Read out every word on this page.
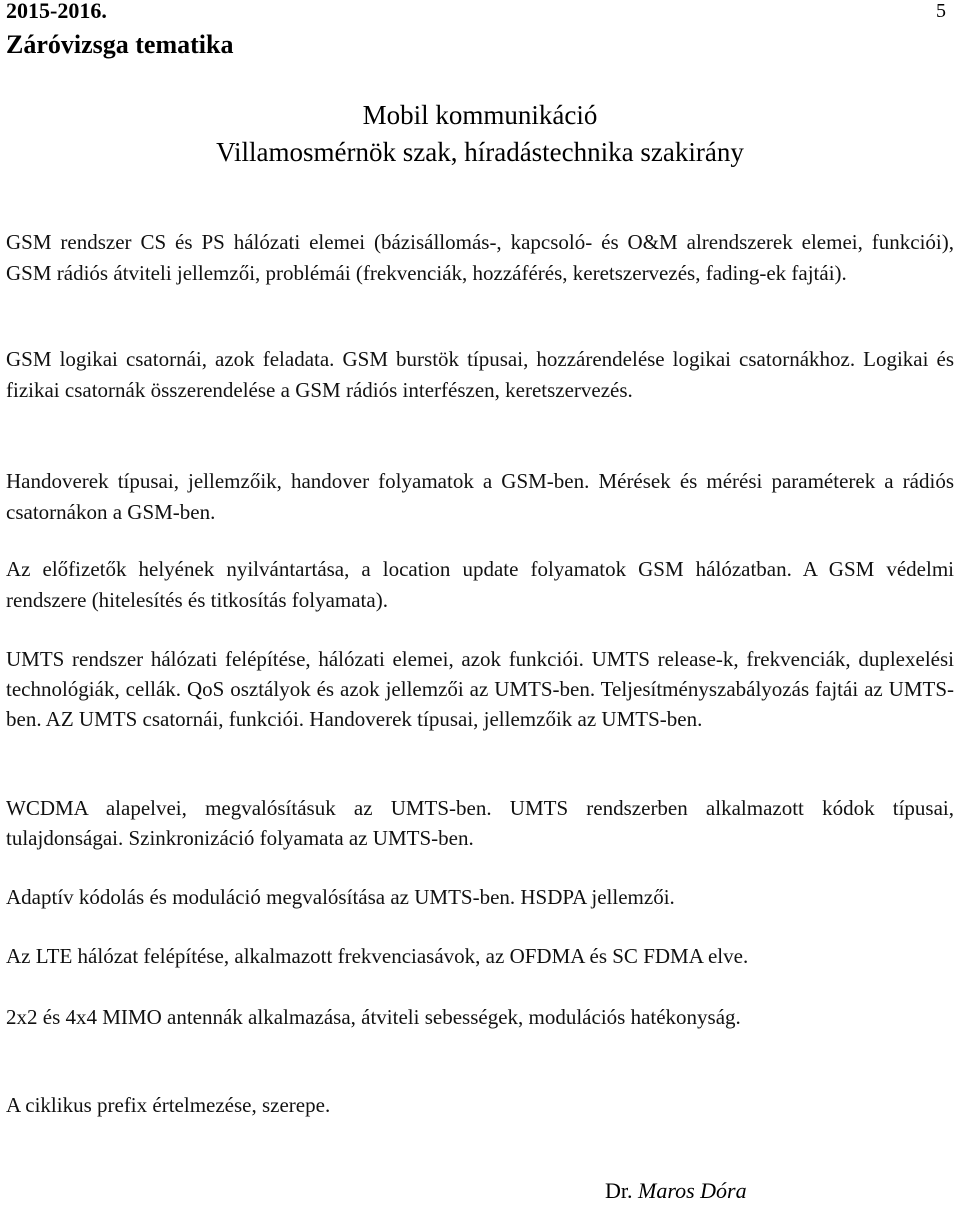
2015-2016.	5
Záróvizsga tematika
Mobil kommunikáció
Villamosmérnök szak, híradástechnika szakirány

GSM rendszer CS és PS hálózati elemei (bázisállomás-, kapcsoló- és O&M alrendszerek elemei, funkciói), GSM rádiós átviteli jellemzői, problémái (frekvenciák, hozzáférés, keretszervezés, fading-ek fajtái).

GSM logikai csatornái, azok feladata. GSM burstök típusai, hozzárendelése logikai csatornákhoz. Logikai és fizikai csatornák összerendelése a GSM rádiós interfészen, keretszervezés.

Handoverek típusai, jellemzőik, handover folyamatok a GSM-ben. Mérések és mérési paraméterek a rádiós csatornákon a GSM-ben.

Az előfizetők helyének nyilvántartása, a location update folyamatok GSM hálózatban. A GSM védelmi rendszere (hitelesítés és titkosítás folyamata).

UMTS rendszer hálózati felépítése, hálózati elemei, azok funkciói. UMTS release-k, frekvenciák, duplexelési technológiák, cellák. QoS osztályok és azok jellemzői az UMTS-ben. Teljesítményszabályozás fajtái az UMTS-ben. AZ UMTS csatornái, funkciói. Handoverek típusai, jellemzőik az UMTS-ben.

WCDMA alapelvei, megvalósításuk az UMTS-ben. UMTS rendszerben alkalmazott kódok típusai, tulajdonságai. Szinkronizáció folyamata az UMTS-ben.

Adaptív kódolás és moduláció megvalósítása az UMTS-ben. HSDPA jellemzői.

Az LTE hálózat felépítése, alkalmazott frekvenciasávok, az OFDMA és SC FDMA elve.

2x2 és 4x4 MIMO antennák alkalmazása, átviteli sebességek, modulációs hatékonyság.

A ciklikus prefix értelmezése, szerepe.

Dr. Maros Dóra
